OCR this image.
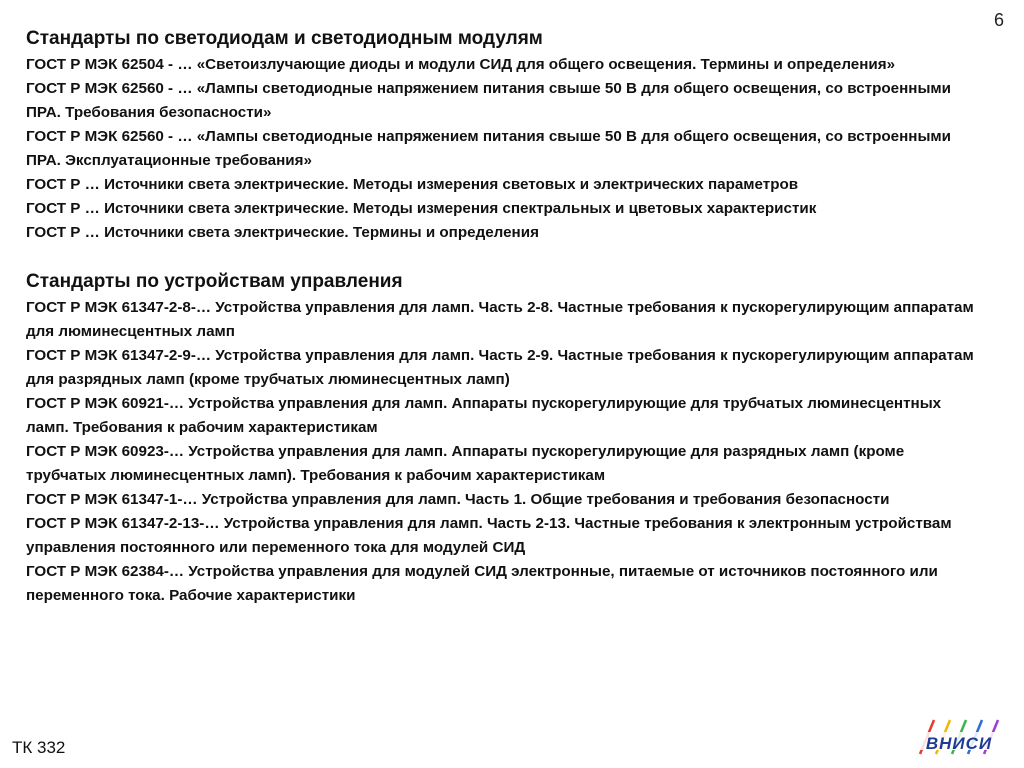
6
Стандарты по светодиодам и светодиодным модулям
ГОСТ Р МЭК 62504 - … «Светоизлучающие диоды и модули СИД для общего освещения. Термины и определения»
ГОСТ Р МЭК 62560 - … «Лампы светодиодные напряжением питания свыше 50 В для общего освещения, со встроенными ПРА. Требования безопасности»
ГОСТ Р МЭК 62560 - … «Лампы светодиодные напряжением питания свыше 50 В для общего освещения, со встроенными ПРА. Эксплуатационные требования»
ГОСТ Р … Источники света электрические. Методы измерения световых и электрических параметров
ГОСТ Р … Источники света электрические. Методы измерения спектральных и цветовых характеристик
ГОСТ Р … Источники света электрические. Термины и определения
Стандарты по устройствам управления
ГОСТ Р МЭК 61347-2-8-… Устройства управления для ламп. Часть 2-8. Частные требования к пускорегулирующим аппаратам для люминесцентных ламп
ГОСТ Р МЭК 61347-2-9-… Устройства управления для ламп. Часть 2-9. Частные требования к пускорегулирующим аппаратам для разрядных ламп (кроме трубчатых люминесцентных ламп)
ГОСТ Р МЭК 60921-… Устройства управления для ламп. Аппараты пускорегулирующие для трубчатых люминесцентных ламп. Требования к рабочим характеристикам
ГОСТ Р МЭК 60923-… Устройства управления для ламп. Аппараты пускорегулирующие для разрядных ламп (кроме трубчатых люминесцентных ламп). Требования к рабочим характеристикам
ГОСТ Р МЭК 61347-1-… Устройства управления для ламп. Часть 1. Общие требования и требования безопасности
ГОСТ Р МЭК 61347-2-13-… Устройства управления для ламп. Часть 2-13. Частные требования к электронным устройствам управления постоянного или переменного тока для модулей СИД
ГОСТ Р МЭК 62384-… Устройства управления для модулей СИД электронные, питаемые от источников постоянного или переменного тока. Рабочие характеристики
ТК 332	ВНИСИ
